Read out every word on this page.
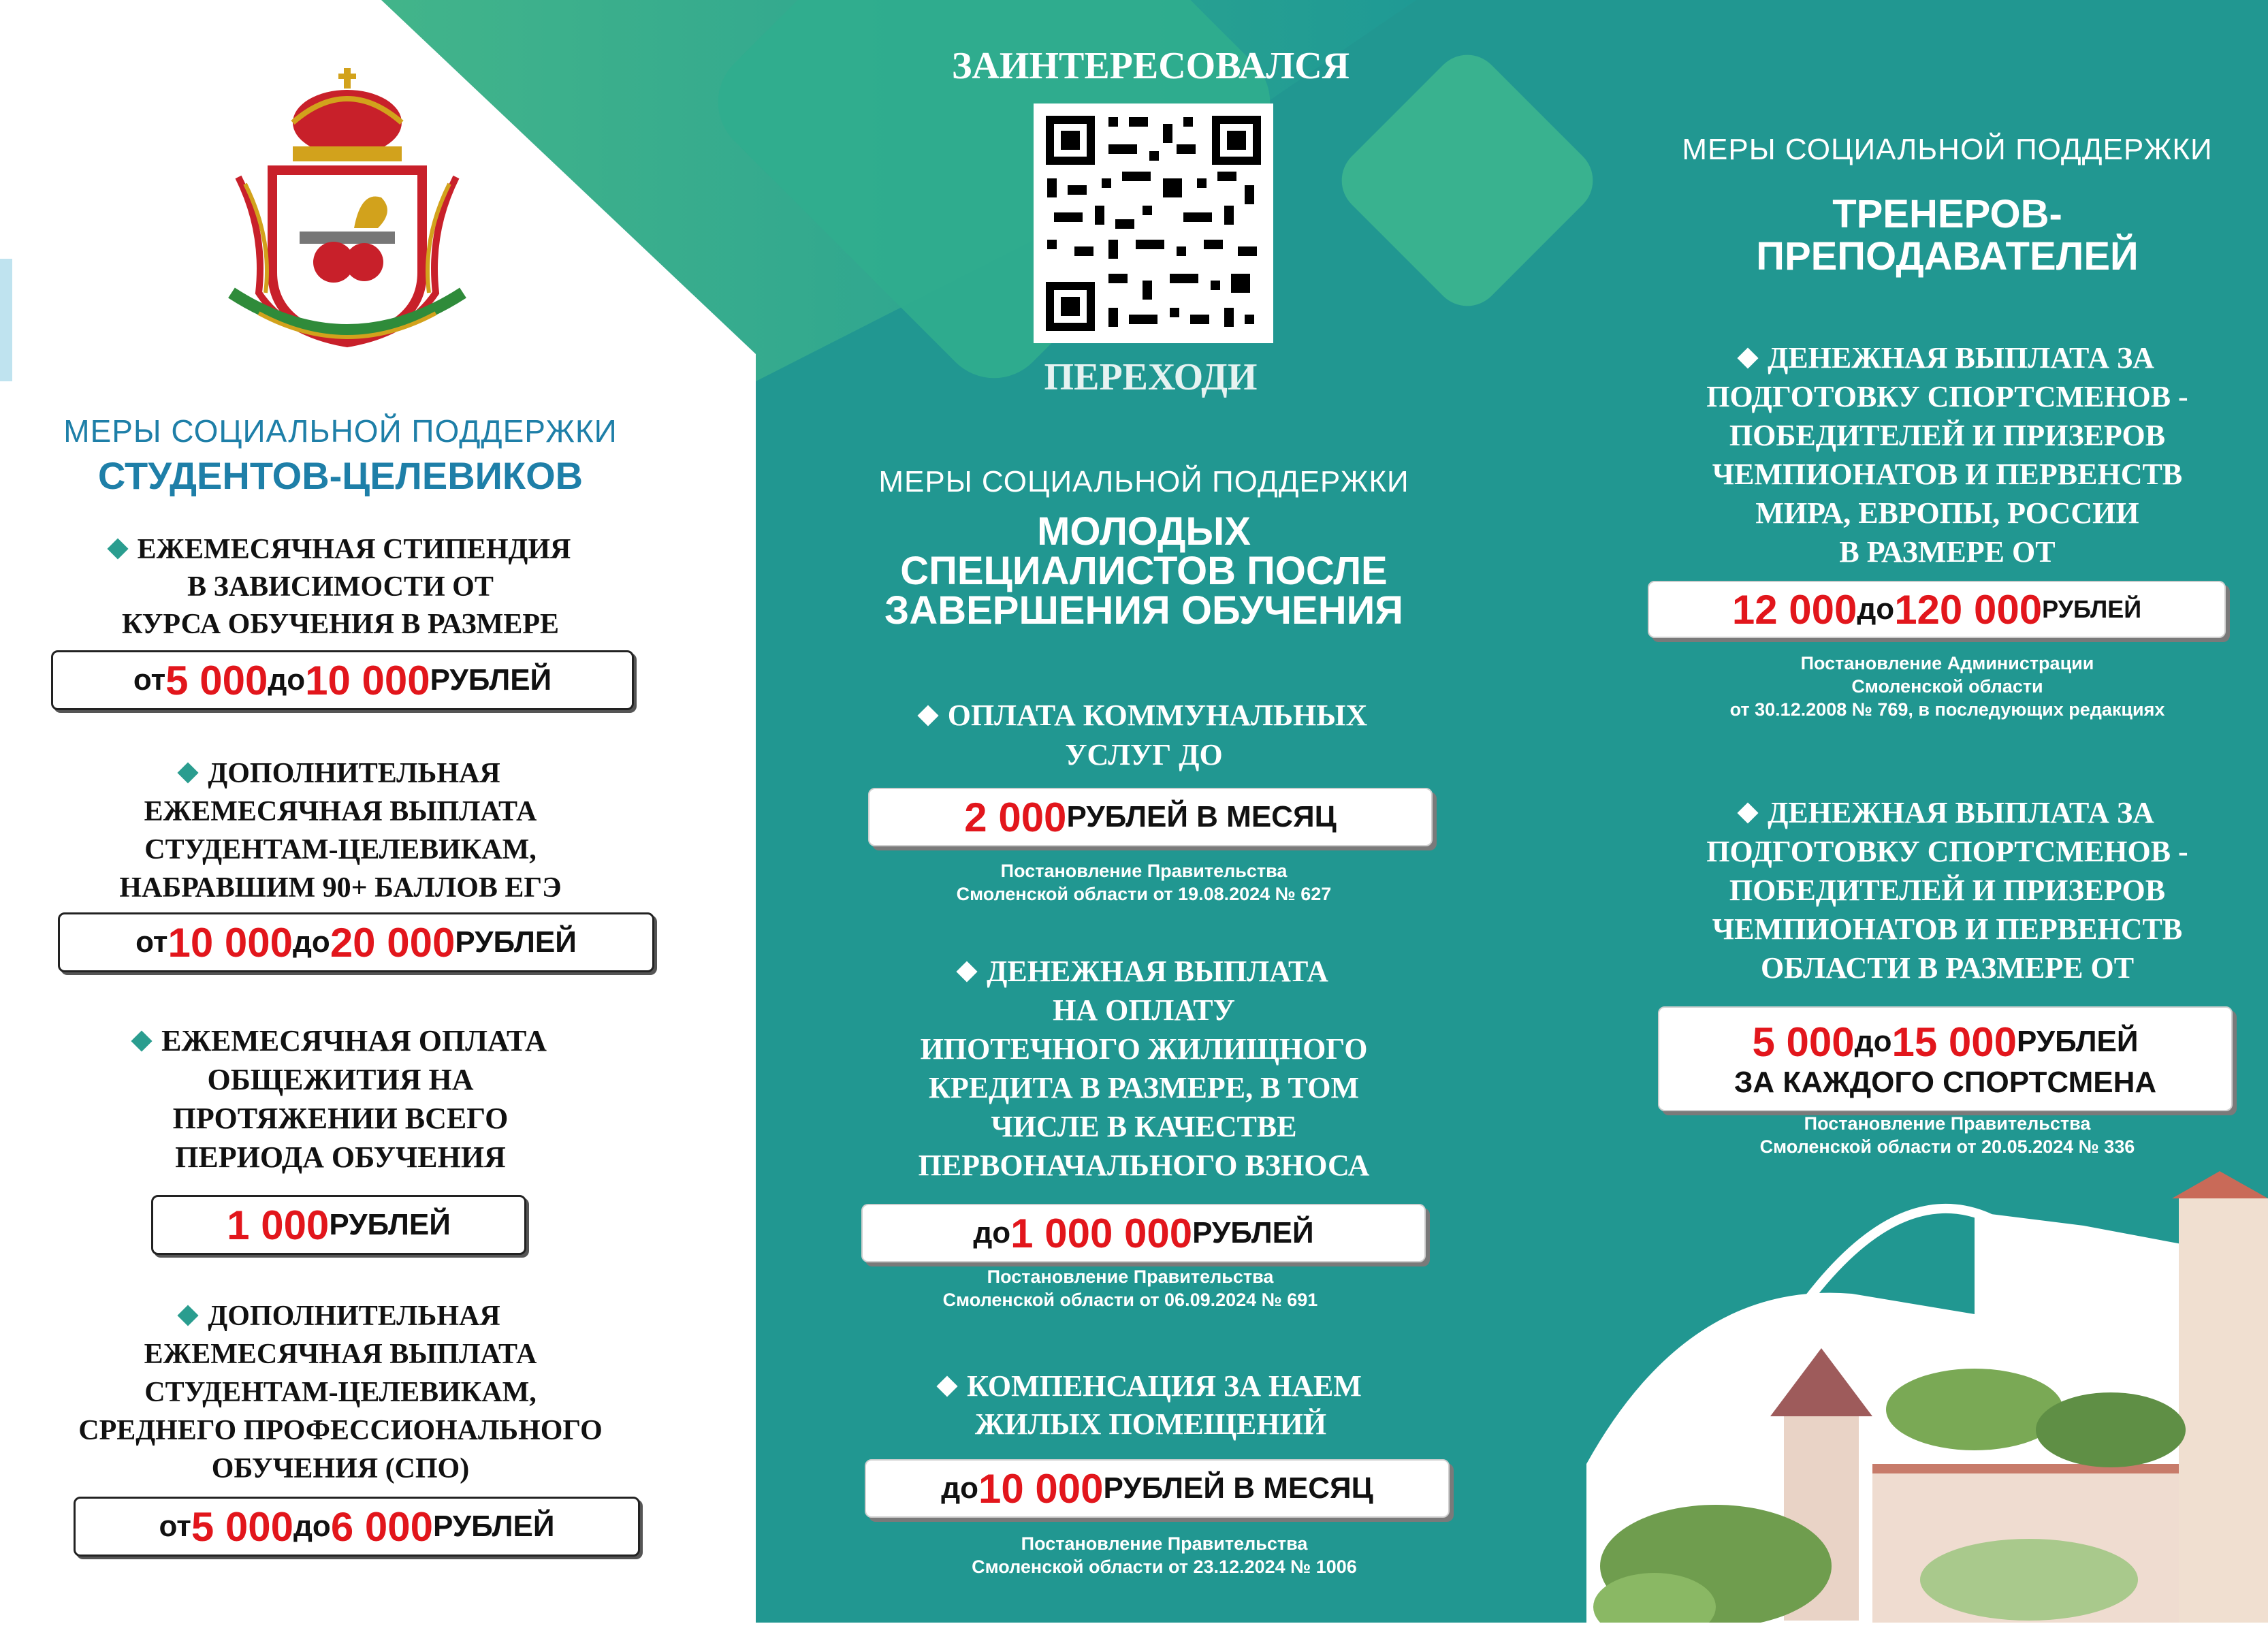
МЕРЫ СОЦИАЛЬНОЙ ПОДДЕРЖКИ
СТУДЕНТОВ-ЦЕЛЕВИКОВ
ЕЖЕМЕСЯЧНАЯ СТИПЕНДИЯ
В ЗАВИСИМОСТИ ОТ
КУРСА ОБУЧЕНИЯ В РАЗМЕРЕ
от 5 000 до 10 000 РУБЛЕЙ
ДОПОЛНИТЕЛЬНАЯ
ЕЖЕМЕСЯЧНАЯ ВЫПЛАТА
СТУДЕНТАМ-ЦЕЛЕВИКАМ,
НАБРАВШИМ 90+ БАЛЛОВ ЕГЭ
от 10 000 до 20 000 РУБЛЕЙ
ЕЖЕМЕСЯЧНАЯ ОПЛАТА
ОБЩЕЖИТИЯ НА
ПРОТЯЖЕНИИ ВСЕГО
ПЕРИОДА ОБУЧЕНИЯ
1 000 РУБЛЕЙ
ДОПОЛНИТЕЛЬНАЯ
ЕЖЕМЕСЯЧНАЯ ВЫПЛАТА
СТУДЕНТАМ-ЦЕЛЕВИКАМ,
СРЕДНЕГО ПРОФЕССИОНАЛЬНОГО
ОБУЧЕНИЯ (СПО)
от 5 000 до 6 000 РУБЛЕЙ
ЗАИНТЕРЕСОВАЛСЯ
ПЕРЕХОДИ
МЕРЫ СОЦИАЛЬНОЙ ПОДДЕРЖКИ
МОЛОДЫХ
СПЕЦИАЛИСТОВ ПОСЛЕ
ЗАВЕРШЕНИЯ ОБУЧЕНИЯ
ОПЛАТА КОММУНАЛЬНЫХ
УСЛУГ ДО
2 000 РУБЛЕЙ В МЕСЯЦ
Постановление Правительства
Смоленской области от 19.08.2024 № 627
ДЕНЕЖНАЯ ВЫПЛАТА
НА ОПЛАТУ
ИПОТЕЧНОГО ЖИЛИЩНОГО
КРЕДИТА В РАЗМЕРЕ, В ТОМ
ЧИСЛЕ В КАЧЕСТВЕ
ПЕРВОНАЧАЛЬНОГО ВЗНОСА
до 1 000 000 РУБЛЕЙ
Постановление Правительства
Смоленской области от 06.09.2024 № 691
КОМПЕНСАЦИЯ ЗА НАЕМ
ЖИЛЫХ ПОМЕЩЕНИЙ
до 10 000 РУБЛЕЙ В МЕСЯЦ
Постановление Правительства
Смоленской области от 23.12.2024 № 1006
МЕРЫ СОЦИАЛЬНОЙ ПОДДЕРЖКИ
ТРЕНЕРОВ-
ПРЕПОДАВАТЕЛЕЙ
ДЕНЕЖНАЯ ВЫПЛАТА ЗА
ПОДГОТОВКУ СПОРТСМЕНОВ -
ПОБЕДИТЕЛЕЙ И ПРИЗЕРОВ
ЧЕМПИОНАТОВ И ПЕРВЕНСТВ
МИРА, ЕВРОПЫ, РОССИИ
В РАЗМЕРЕ ОТ
12 000 до 120 000 РУБЛЕЙ
Постановление Администрации
Смоленской области
от 30.12.2008 № 769, в последующих редакциях
ДЕНЕЖНАЯ ВЫПЛАТА ЗА
ПОДГОТОВКУ СПОРТСМЕНОВ -
ПОБЕДИТЕЛЕЙ И ПРИЗЕРОВ
ЧЕМПИОНАТОВ И ПЕРВЕНСТВ
ОБЛАСТИ В РАЗМЕРЕ ОТ
5 000 до 15 000 РУБЛЕЙ
ЗА КАЖДОГО СПОРТСМЕНА
Постановление Правительства
Смоленской области от 20.05.2024 № 336
